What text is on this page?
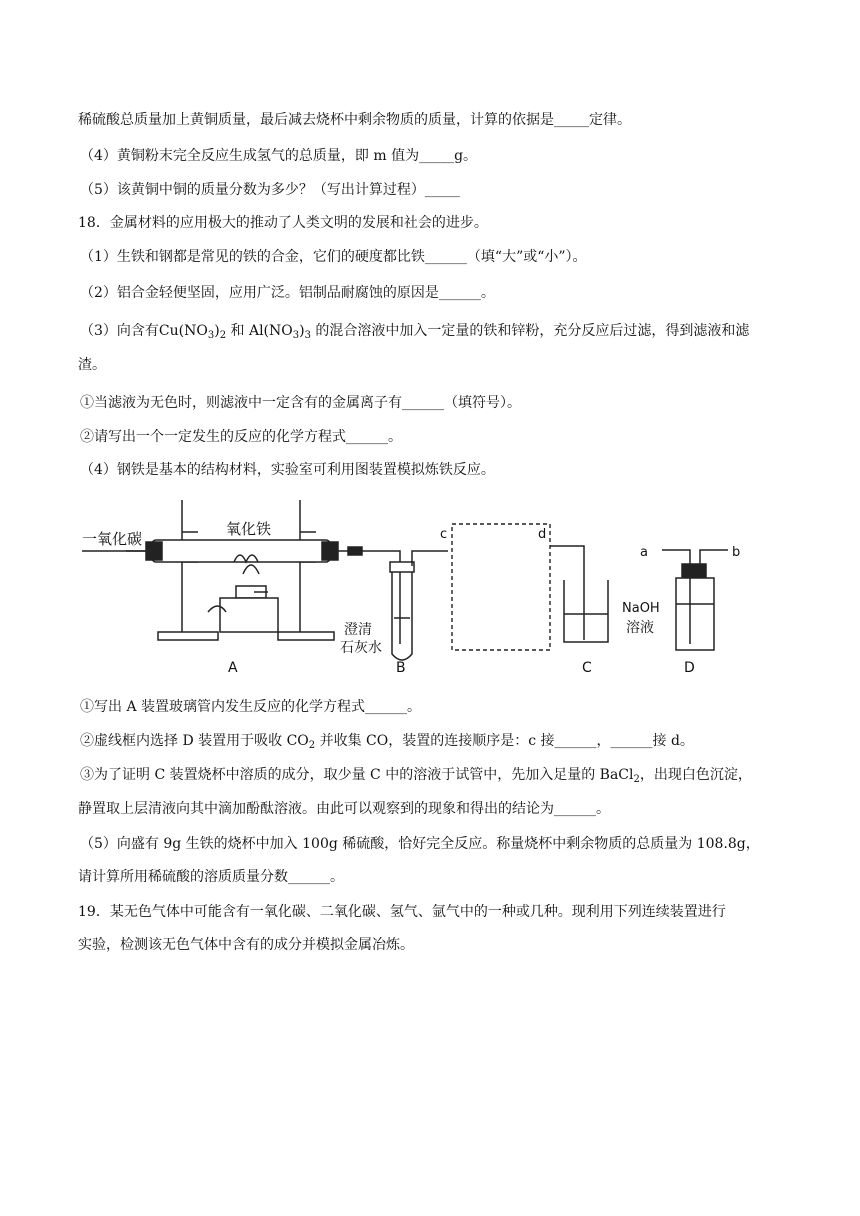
稀硫酸总质量加上黄铜质量，最后减去烧杯中剩余物质的质量，计算的依据是_____定律。
（4）黄铜粉末完全反应生成氢气的总质量，即 m 值为_____g。
（5）该黄铜中铜的质量分数为多少？（写出计算过程）_____
18．金属材料的应用极大的推动了人类文明的发展和社会的进步。
（1）生铁和钢都是常见的铁的合金，它们的硬度都比铁______（填“大”或“小”）。
（2）铝合金轻便坚固，应用广泛。铝制品耐腐蚀的原因是______。
（3）向含有$Cu(NO_3)_2$ 和 $Al(NO_3)_3$ 的混合溶液中加入一定量的铁和锌粉，充分反应后过滤，得到滤液和滤
渣。
①当滤液为无色时，则滤液中一定含有的金属离子有______（填符号）。
②请写出一个一定发生的反应的化学方程式______。
（4）钢铁是基本的结构材料，实验室可利用图装置模拟炼铁反应。
一氧化碳
氧化铁
A
澄清
石灰水
B
c	d
C
a	b
NaOH
溶液
D
①写出 A 装置玻璃管内发生反应的化学方程式______。
②虚线框内选择 D 装置用于吸收 $CO_2$ 并收集 CO，装置的连接顺序是：c 接______，______接 d。
③为了证明 C 装置烧杯中溶质的成分，取少量 C 中的溶液于试管中，先加入足量的 BaCl$_2$，出现白色沉淀，
静置取上层清液向其中滴加酚酞溶液。由此可以观察到的现象和得出的结论为______。
（5）向盛有 9g 生铁的烧杯中加入 100g 稀硫酸，恰好完全反应。称量烧杯中剩余物质的总质量为 108.8g，
请计算所用稀硫酸的溶质质量分数______。
19．某无色气体中可能含有一氧化碳、二氧化碳、氢气、氩气中的一种或几种。现利用下列连续装置进行
实验，检测该无色气体中含有的成分并模拟金属冶炼。
